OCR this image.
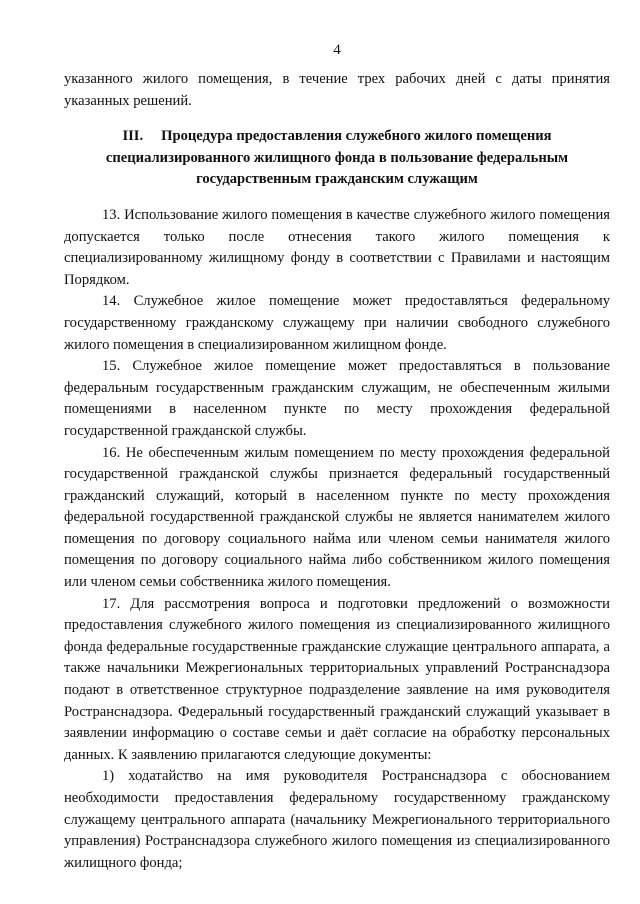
4

указанного жилого помещения, в течение трех рабочих дней с даты принятия указанных решений.

III. Процедура предоставления служебного жилого помещения специализированного жилищного фонда в пользование федеральным государственным гражданским служащим

13. Использование жилого помещения в качестве служебного жилого помещения допускается только после отнесения такого жилого помещения к специализированному жилищному фонду в соответствии с Правилами и настоящим Порядком.

14. Служебное жилое помещение может предоставляться федеральному государственному гражданскому служащему при наличии свободного служебного жилого помещения в специализированном жилищном фонде.

15. Служебное жилое помещение может предоставляться в пользование федеральным государственным гражданским служащим, не обеспеченным жилыми помещениями в населенном пункте по месту прохождения федеральной государственной гражданской службы.

16. Не обеспеченным жилым помещением по месту прохождения федеральной государственной гражданской службы признается федеральный государственный гражданский служащий, который в населенном пункте по месту прохождения федеральной государственной гражданской службы не является нанимателем жилого помещения по договору социального найма или членом семьи нанимателя жилого помещения по договору социального найма либо собственником жилого помещения или членом семьи собственника жилого помещения.

17. Для рассмотрения вопроса и подготовки предложений о возможности предоставления служебного жилого помещения из специализированного жилищного фонда федеральные государственные гражданские служащие центрального аппарата, а также начальники Межрегиональных территориальных управлений Ространснадзора подают в ответственное структурное подразделение заявление на имя руководителя Ространснадзора. Федеральный государственный гражданский служащий указывает в заявлении информацию о составе семьи и даёт согласие на обработку персональных данных. К заявлению прилагаются следующие документы:

1) ходатайство на имя руководителя Ространснадзора с обоснованием необходимости предоставления федеральному государственному гражданскому служащему центрального аппарата (начальнику Межрегионального территориального управления) Ространснадзора служебного жилого помещения из специализированного жилищного фонда;
